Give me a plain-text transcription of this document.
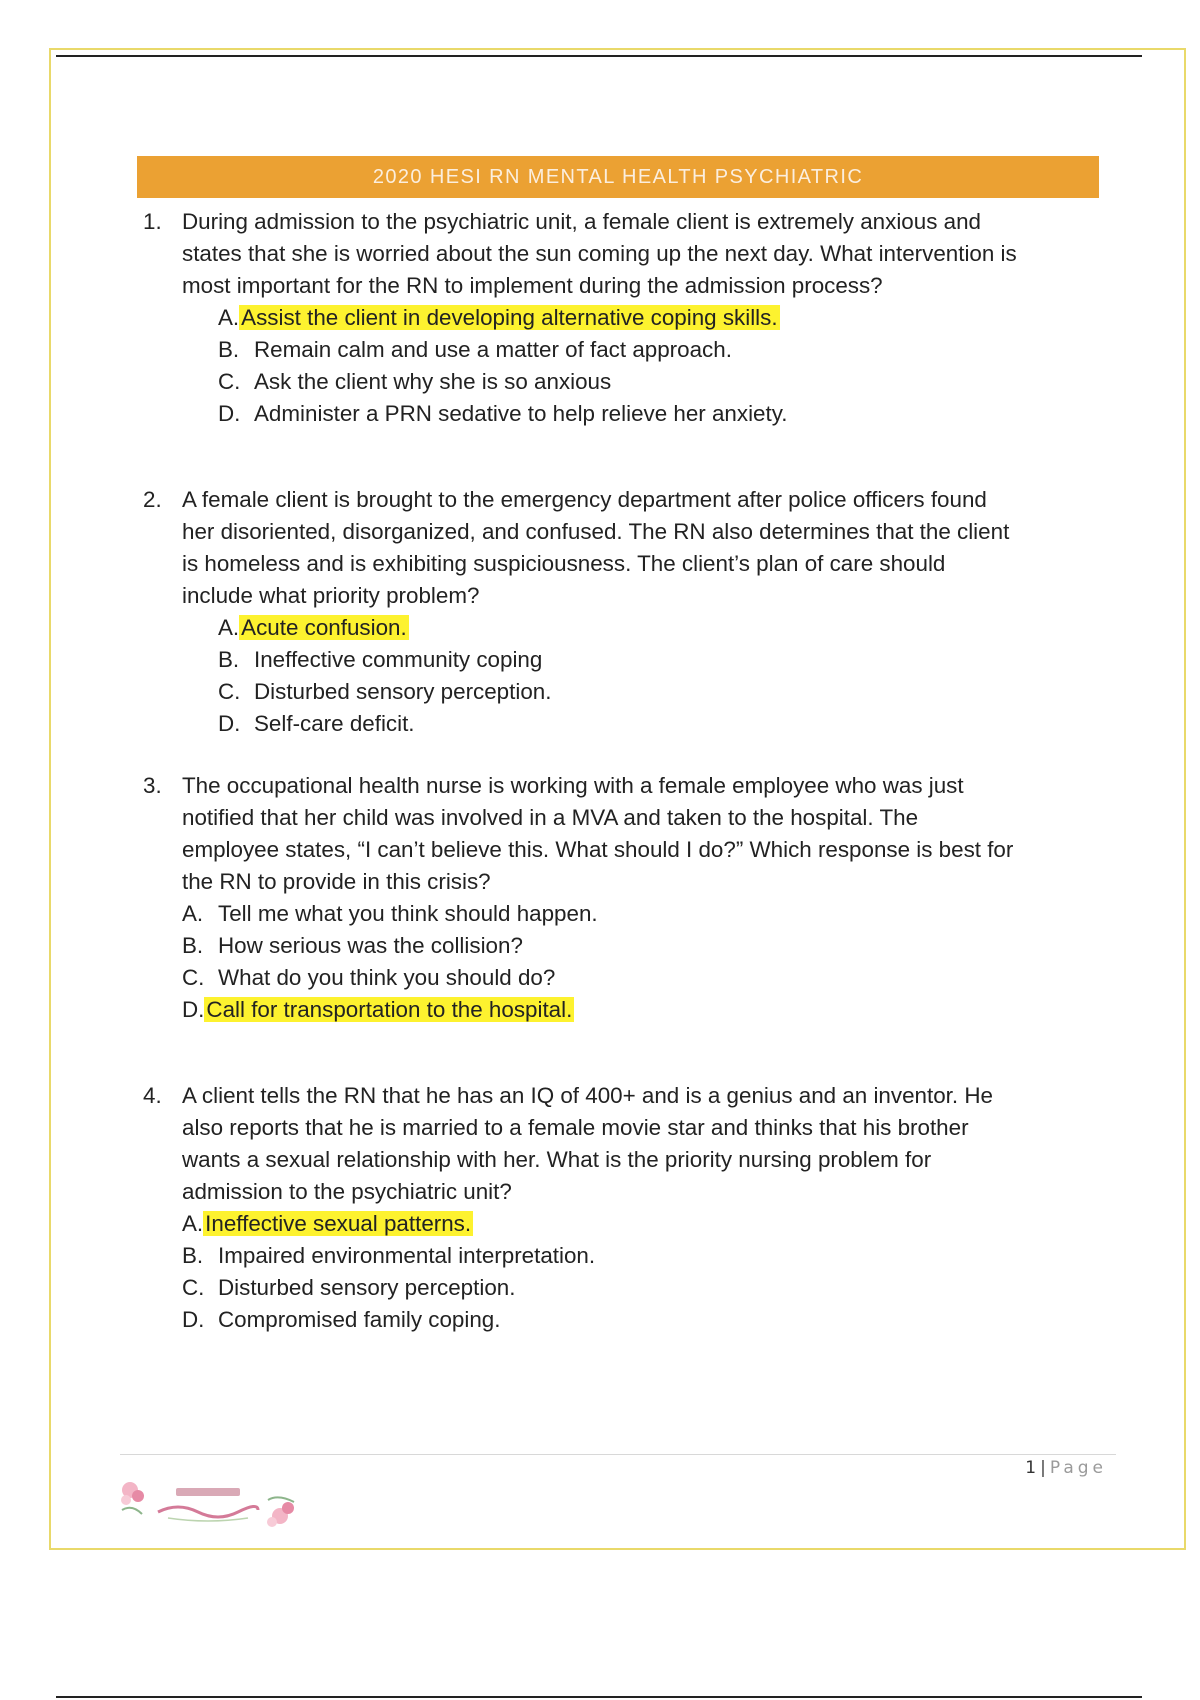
2020 HESI RN MENTAL HEALTH PSYCHIATRIC
1. During admission to the psychiatric unit, a female client is extremely anxious and
states that she is worried about the sun coming up the next day. What intervention is
most important for the RN to implement during the admission process?
A.Assist the client in developing alternative coping skills.
B. Remain calm and use a matter of fact approach.
C. Ask the client why she is so anxious
D. Administer a PRN sedative to help relieve her anxiety.
2. A female client is brought to the emergency department after police officers found
her disoriented, disorganized, and confused. The RN also determines that the client
is homeless and is exhibiting suspiciousness. The client’s plan of care should
include what priority problem?
A.Acute confusion.
B. Ineffective community coping
C. Disturbed sensory perception.
D. Self-care deficit.
3. The occupational health nurse is working with a female employee who was just
notified that her child was involved in a MVA and taken to the hospital. The
employee states, “I can’t believe this. What should I do?” Which response is best for
the RN to provide in this crisis?
A. Tell me what you think should happen.
B. How serious was the collision?
C. What do you think you should do?
D.Call for transportation to the hospital.
4. A client tells the RN that he has an IQ of 400+ and is a genius and an inventor. He
also reports that he is married to a female movie star and thinks that his brother
wants a sexual relationship with her. What is the priority nursing problem for
admission to the psychiatric unit?
A.Ineffective sexual patterns.
B. Impaired environmental interpretation.
C. Disturbed sensory perception.
D. Compromised family coping.
1 | Page
